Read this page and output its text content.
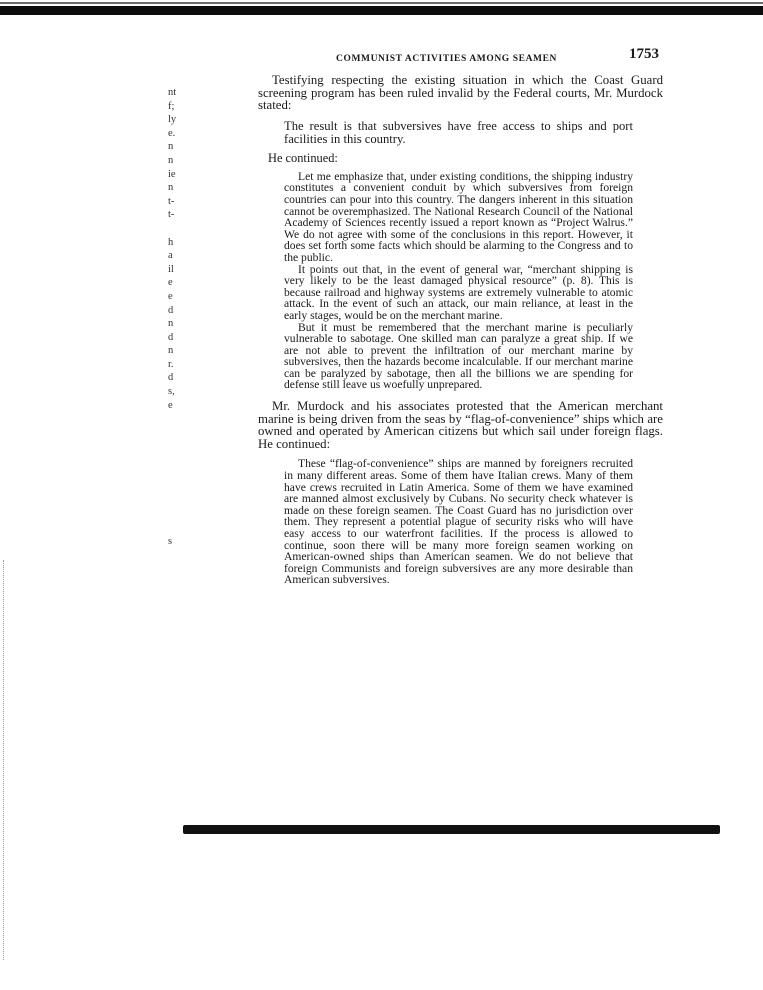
nt
f;
ly
e.
n
n
ie
n
t-
t-
h
a
il
e
e
d
n
d
n
r.
d
s,
e
s
COMMUNIST ACTIVITIES AMONG SEAMEN	1753

Testifying respecting the existing situation in which the Coast Guard screening program has been ruled invalid by the Federal courts, Mr. Murdock stated:

The result is that subversives have free access to ships and port facilities in this country.

He continued:

Let me emphasize that, under existing conditions, the shipping industry constitutes a convenient conduit by which subversives from foreign countries can pour into this country. The dangers inherent in this situation cannot be overemphasized. The National Research Council of the National Academy of Sciences recently issued a report known as “Project Walrus.” We do not agree with some of the conclusions in this report. However, it does set forth some facts which should be alarming to the Congress and to the public.

It points out that, in the event of general war, “merchant shipping is very likely to be the least damaged physical resource” (p. 8). This is because railroad and highway systems are extremely vulnerable to atomic attack. In the event of such an attack, our main reliance, at least in the early stages, would be on the merchant marine.

But it must be remembered that the merchant marine is peculiarly vulnerable to sabotage. One skilled man can paralyze a great ship. If we are not able to prevent the infiltration of our merchant marine by subversives, then the hazards become incalculable. If our merchant marine can be paralyzed by sabotage, then all the billions we are spending for defense still leave us woefully unprepared.

Mr. Murdock and his associates protested that the American merchant marine is being driven from the seas by “flag-of-convenience” ships which are owned and operated by American citizens but which sail under foreign flags. He continued:

These “flag-of-convenience” ships are manned by foreigners recruited in many different areas. Some of them have Italian crews. Many of them have crews recruited in Latin America. Some of them we have examined are manned almost exclusively by Cubans. No security check whatever is made on these foreign seamen. The Coast Guard has no jurisdiction over them. They represent a potential plague of security risks who will have easy access to our waterfront facilities. If the process is allowed to continue, soon there will be many more foreign seamen working on American-owned ships than American seamen. We do not believe that foreign Communists and foreign subversives are any more desirable than American subversives.
